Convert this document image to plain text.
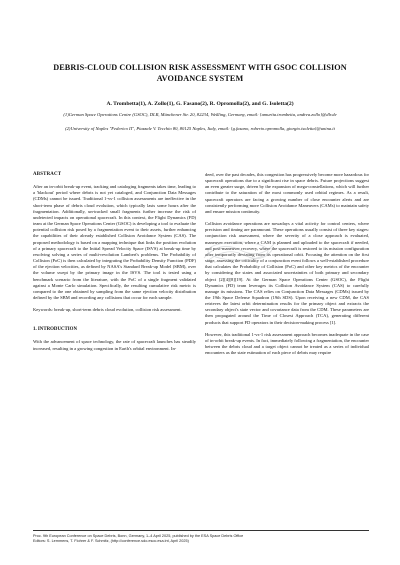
DEBRIS-CLOUD COLLISION RISK ASSESSMENT WITH GSOC COLLISION AVOIDANCE SYSTEM
A. Trombetta(1), A. Zollo(1), G. Fasano(2), R. Opromolla(2), and G. Isoletta(2)
(1)German Space Operations Centre (GSOC), DLR, Münchener Str. 20, 82234, Weßling, Germany, email: {amurita.trombetta, andrea.zollo}@dlr.de
(2)University of Naples "Federico II", Piazzale V. Tecchio 80, 80125 Naples, Italy, email: {g.fasano, roberto.opromolla, giorgio.isoletta}@unina.it
ABSTRACT

After an in-orbit break-up event, tracking and cataloging fragments takes time, leading to a 'blackout' period where debris is not yet cataloged, and Conjunction Data Messages (CDMs) cannot be issued. Traditional 1-vs-1 collision assessments are ineffective in the short-term phase of debris cloud evolution, which typically lasts some hours after the fragmentation. Additionally, un-tracked small fragments further increase the risk of undetected impacts on operational spacecraft. In this context, the Flight Dynamics (FD) team at the German Space Operations Center (GSOC) is developing a tool to evaluate the potential collision risk posed by a fragmentation event to their assets, further enhancing the capabilities of their already established Collision Avoidance System (CAS). The proposed methodology is based on a mapping technique that links the position evolution of a primary spacecraft to the Initial Spread Velocity Space (ISVS) at break-up time by resolving solving a series of multi-revolution Lambert's problems. The Probability of Collision (PoC) is then calculated by integrating the Probability Density Function (PDF) of the ejection velocities, as defined by NASA's Standard Break-up Model (SBM), over the volume swept by the primary image in the ISVS. The tool is tested using a benchmark scenario from the literature, with the PoC of a single fragment validated against a Monte Carlo simulation. Specifically, the resulting cumulative risk metric is compared to the one obtained by sampling from the same ejection velocity distribution defined by the SBM and recording any collisions that occur for each sample.

Keywords: break-up, short-term debris cloud evolution, collision risk assessment.

1. INTRODUCTION

With the advancement of space technology, the rate of spacecraft launches has steadily increased, resulting in a growing congestion in Earth's orbital environment. In-

deed, over the past decades, this congestion has progressively become more hazardous for spacecraft operations due to a significant rise in space debris. Future projections suggest an even greater surge, driven by the expansion of mega-constellations, which will further contribute to the saturation of the most commonly used orbital regimes. As a result, spacecraft operators are facing a growing number of close encounter alerts and are consistently performing more Collision Avoidance Maneuvers (CAMs) to maintain safety and ensure mission continuity.

Collision avoidance operations are nowadays a vital activity for control centers, where precision and timing are paramount. These operations usually consist of three key stages: conjunction risk assessment, where the severity of a close approach is evaluated, maneuver execution, where a CAM is planned and uploaded to the spacecraft if needed, and post-maneuver recovery, where the spacecraft is restored to its mission configuration after temporarily deviating from its operational orbit. Focusing the attention on the first stage, assessing the criticality of a conjunction event follows a well-established procedure that calculates the Probability of Collision (PoC) and other key metrics of the encounter by considering the states and associated uncertainties of both primary and secondary object [2][4][8][19]. At the German Space Operations Center (GSOC), the Flight Dynamics (FD) team leverages its Collision Avoidance System (CAS) to carefully manage its missions. The CAS relies on Conjunction Data Messages (CDMs) issued by the 19th Space Defense Squadron (19th SDS). Upon receiving a new CDM, the CAS retrieves the latest orbit determination results for the primary object and extracts the secondary object's state vector and covariance data from the CDM. These parameters are then propagated around the Time of Closest Approach (TCA), generating different products that support FD operators in their decision-making process [1].

However, this traditional 1-vs-1 risk assessment approach becomes inadequate in the case of in-orbit break-up events. In fact, immediately following a fragmentation, the encounter between the debris cloud and a target object cannot be treated as a series of individual encounters as the state estimation of each piece of debris may require

Proc. 9th European Conference on Space Debris, Bonn, Germany, 1–4 April 2025, published by the ESA Space Debris Office
Editors: S. Lemmens, T. Flohrer & F. Schmitz, (http://conference.sdo.esoc.esa.int, April 2025)
